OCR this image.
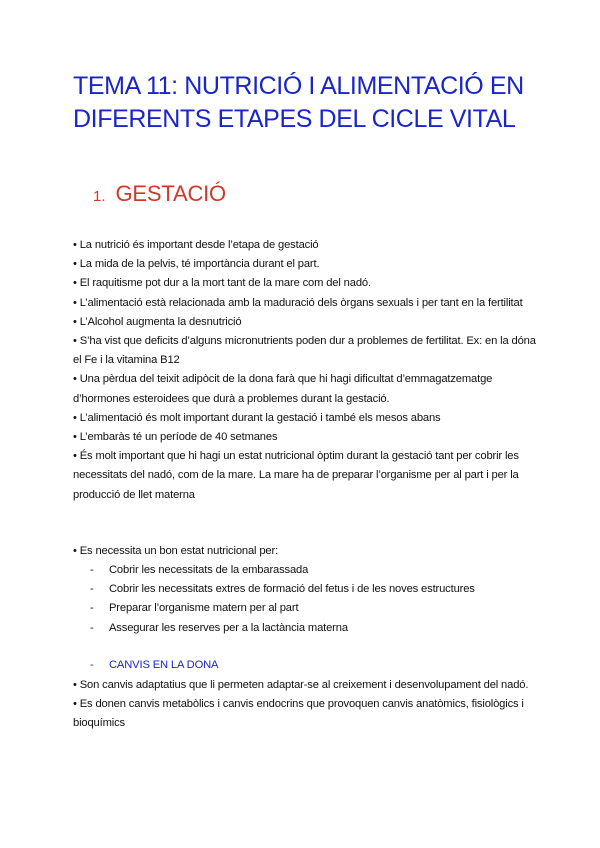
TEMA 11: NUTRICIÓ I ALIMENTACIÓ EN DIFERENTS ETAPES DEL CICLE VITAL
1. GESTACIÓ

• La nutrició és important desde l’etapa de gestació

• La mida de la pelvis, té importància durant el part.

• El raquitisme pot dur a la mort tant de la mare com del nadó.

• L’alimentació està relacionada amb la maduració dels òrgans sexuals i per tant en la fertilitat

• L’Alcohol augmenta la desnutrició

• S’ha vist que deficits d’alguns micronutrients poden dur a problemes de fertilitat. Ex: en la dóna el Fe i la vitamina B12

• Una pèrdua del teixit adipòcit de la dona farà que hi hagi dificultat d’emmagatzematge d’hormones esteroidees que durà a problemes durant la gestació.

• L’alimentació és molt important durant la gestació i també els mesos abans

• L’embaràs té un període de 40 setmanes

• És molt important que hi hagi un estat nutricional òptim durant la gestació tant per cobrir les necessitats del nadó, com de la mare. La mare ha de preparar l’organisme per al part i per la producció de llet materna

• Es necessita un bon estat nutricional per:

- Cobrir les necessitats de la embarassada
- Cobrir les necessitats extres de formació del fetus i de les noves estructures
- Preparar l’organisme matern per al part
- Assegurar les reserves per a la lactància materna
- CANVIS EN LA DONA

• Son canvis adaptatius que li permeten adaptar-se al creixement i desenvolupament del nadó.

• Es donen canvis metabòlics i canvis endocrins que provoquen canvis anatòmics, fisiològics i bioquímics
